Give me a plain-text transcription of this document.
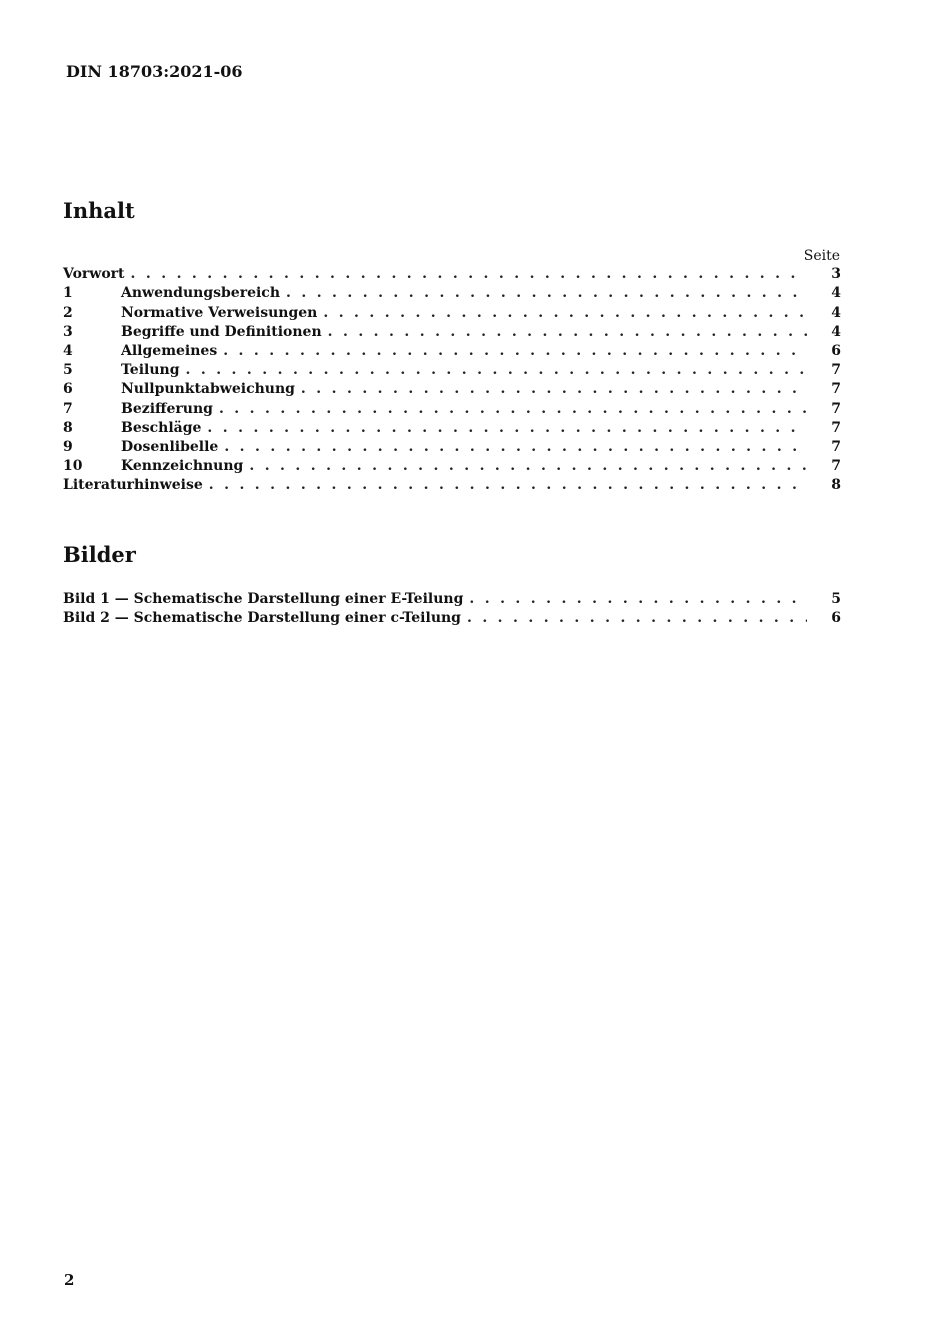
DIN 18703:2021-06
Inhalt
Seite
Vorwort . . .	3
1	Anwendungsbereich . . .	4
2	Normative Verweisungen . . .	4
3	Begriffe und Definitionen . . .	4
4	Allgemeines . . .	6
5	Teilung . . .	7
6	Nullpunktabweichung . . .	7
7	Bezifferung . . .	7
8	Beschläge . . .	7
9	Dosenlibelle . . .	7
10	Kennzeichnung . . .	7
Literaturhinweise . . .	8
Bilder
Bild 1 — Schematische Darstellung einer E-Teilung . . .	5
Bild 2 — Schematische Darstellung einer c-Teilung . . .	6
2
